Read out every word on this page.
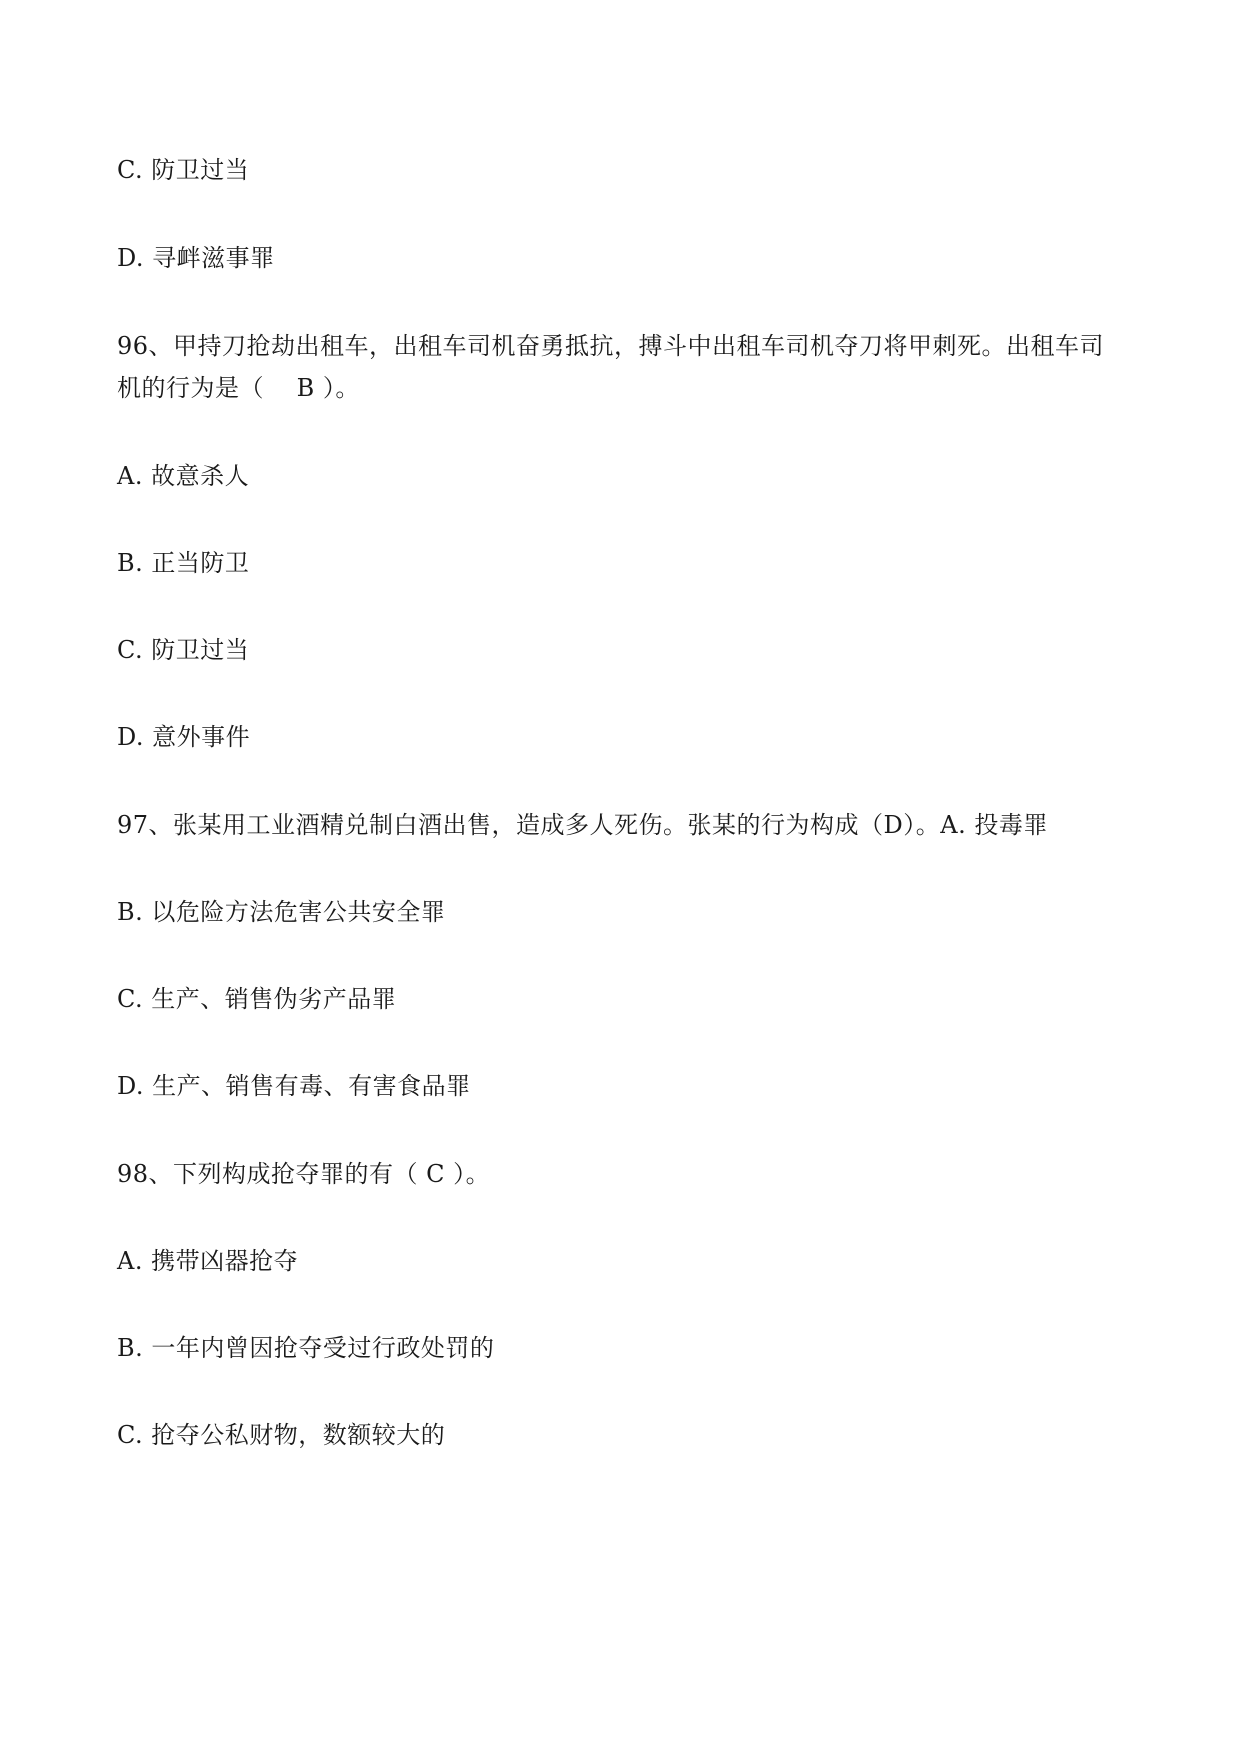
C. 防卫过当
D. 寻衅滋事罪
96、甲持刀抢劫出租车，出租车司机奋勇抵抗，搏斗中出租车司机夺刀将甲刺死。出租车司
机的行为是（　 B ）。
A. 故意杀人
B. 正当防卫
C. 防卫过当
D. 意外事件
97、张某用工业酒精兑制白酒出售，造成多人死伤。张某的行为构成（D）。A. 投毒罪
B. 以危险方法危害公共安全罪
C. 生产、销售伪劣产品罪
D. 生产、销售有毒、有害食品罪
98、下列构成抢夺罪的有（ C ）。
A. 携带凶器抢夺
B. 一年内曾因抢夺受过行政处罚的
C. 抢夺公私财物，数额较大的
